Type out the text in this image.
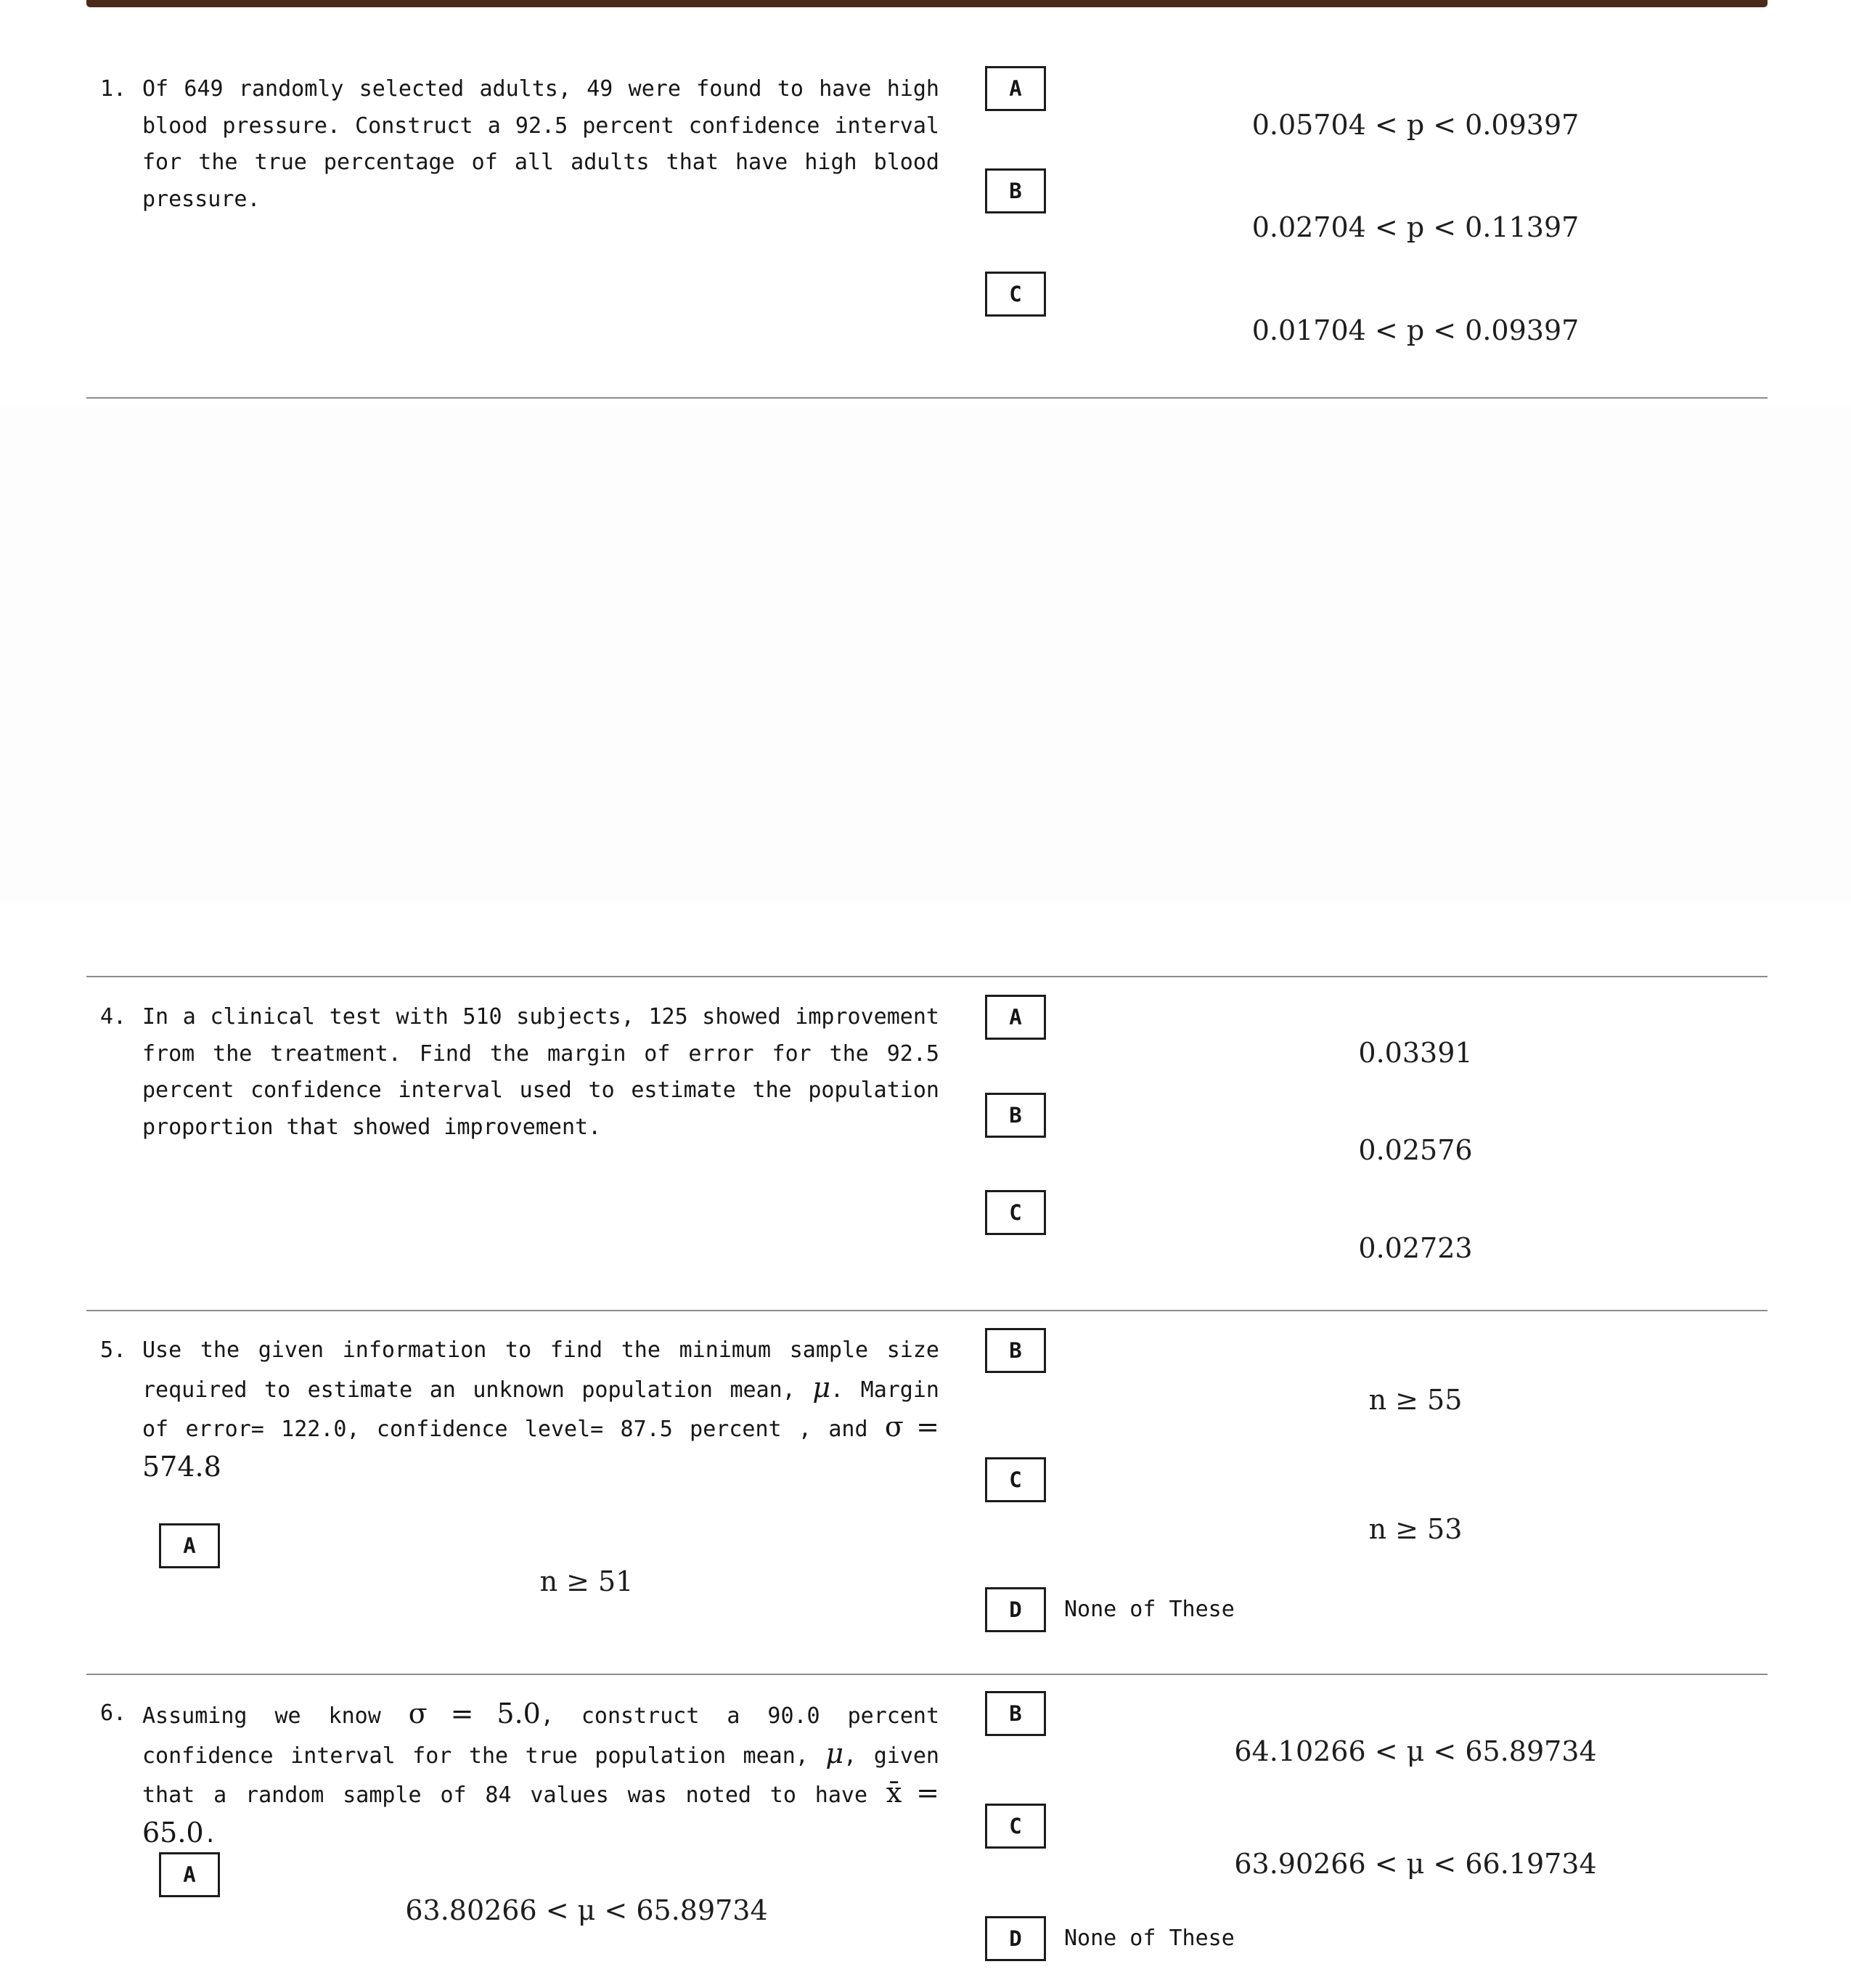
1. Of 649 randomly selected adults, 49 were found to have high blood pressure. Construct a 92.5 percent confidence interval for the true percentage of all adults that have high blood pressure.
A
0.05704 < p < 0.09397
B
0.02704 < p < 0.11397
C
0.01704 < p < 0.09397
4. In a clinical test with 510 subjects, 125 showed improvement from the treatment. Find the margin of error for the 92.5 percent confidence interval used to estimate the population proportion that showed improvement.
A
0.03391
B
0.02576
C
0.02723
5. Use the given information to find the minimum sample size required to estimate an unknown population mean, μ. Margin of error= 122.0, confidence level= 87.5 percent , and σ = 574.8
A
n ≥ 51
B
n ≥ 55
C
n ≥ 53
D	None of These
6. Assuming we know σ = 5.0, construct a 90.0 percent confidence interval for the true population mean, μ, given that a random sample of 84 values was noted to have x̄ = 65.0.
A
63.80266 < μ < 65.89734
B
64.10266 < μ < 65.89734
C
63.90266 < μ < 66.19734
D	None of These
